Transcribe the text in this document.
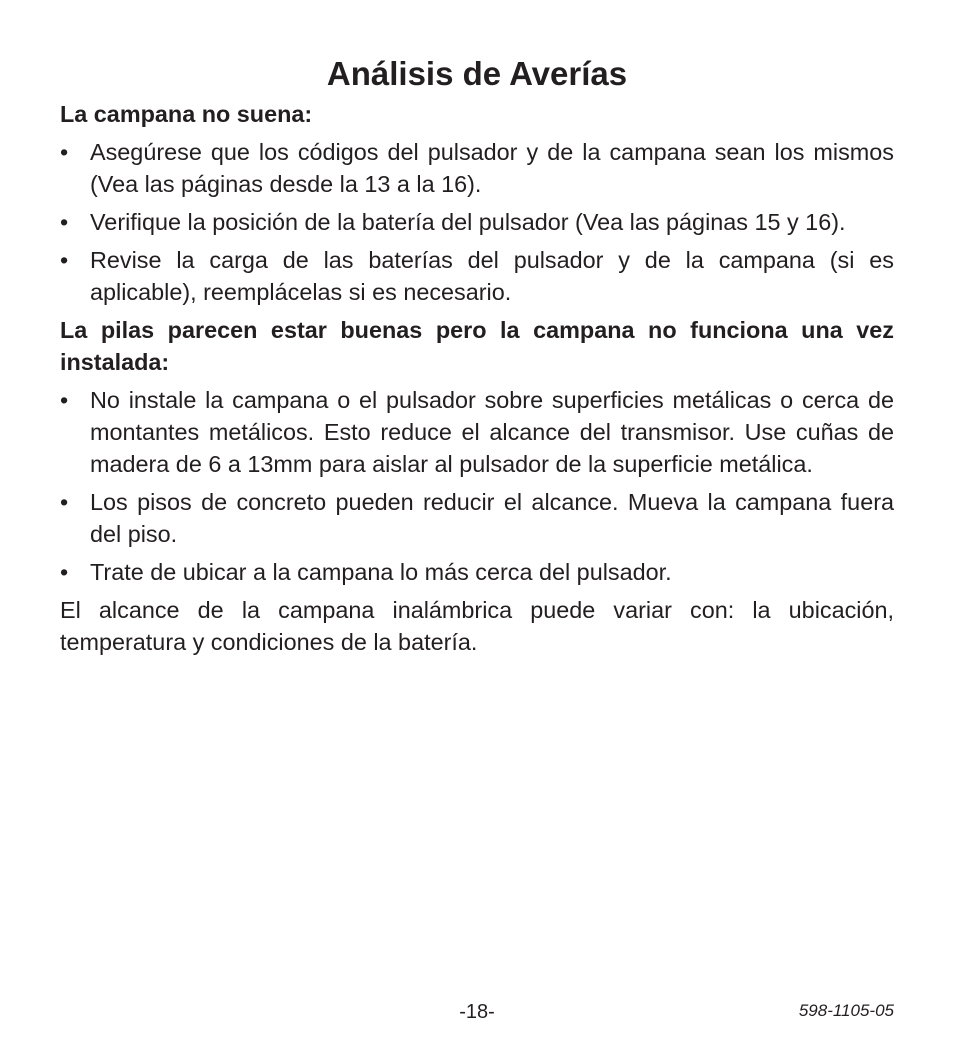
Análisis de Averías

La campana no suena:

• Asegúrese que los códigos del pulsador y de la campana sean los mismos (Vea las páginas desde la 13 a la 16).
• Verifique la posición de la batería del pulsador (Vea las páginas 15 y 16).
• Revise la carga de las baterías del pulsador y de la campana (si es aplicable), reemplácelas si es necesario.

La pilas parecen estar buenas pero la campana no funciona una vez instalada:

• No instale la campana o el pulsador sobre superficies metálicas o cerca de montantes metálicos. Esto reduce el alcance del transmisor. Use cuñas de madera de 6 a 13mm para aislar al pulsador de la superficie metálica.
• Los pisos de concreto pueden reducir el alcance. Mueva la campana fuera del piso.
• Trate de ubicar a la campana lo más cerca del pulsador.

El alcance de la campana inalámbrica puede variar con: la ubicación, temperatura y condiciones de la batería.

-18-	598-1105-05
